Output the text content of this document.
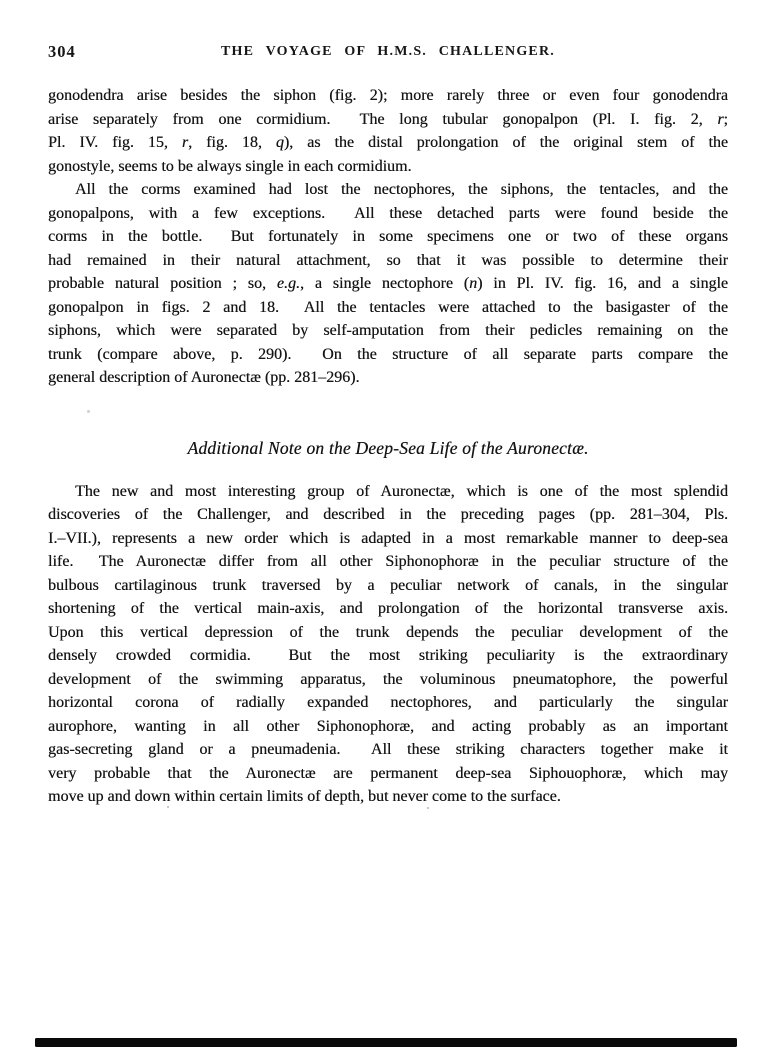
304	THE VOYAGE OF H.M.S. CHALLENGER.
gonodendra arise besides the siphon (fig. 2); more rarely three or even four gonodendra
arise separately from one cormidium.  The long tubular gonopalpon (Pl. I. fig. 2, r;
Pl. IV. fig. 15, r, fig. 18, q), as the distal prolongation of the original stem of the
gonostyle, seems to be always single in each cormidium.
All the corms examined had lost the nectophores, the siphons, the tentacles, and the
gonopalpons, with a few exceptions.  All these detached parts were found beside the
corms in the bottle.  But fortunately in some specimens one or two of these organs
had remained in their natural attachment, so that it was possible to determine their
probable natural position ; so, e.g., a single nectophore (n) in Pl. IV. fig. 16, and a single
gonopalpon in figs. 2 and 18.  All the tentacles were attached to the basigaster of the
siphons, which were separated by self-amputation from their pedicles remaining on the
trunk (compare above, p. 290).  On the structure of all separate parts compare the
general description of Auronectæ (pp. 281–296).
Additional Note on the Deep-Sea Life of the Auronectæ.
The new and most interesting group of Auronectæ, which is one of the most splendid
discoveries of the Challenger, and described in the preceding pages (pp. 281–304, Pls.
I.–VII.), represents a new order which is adapted in a most remarkable manner to deep-sea
life.  The Auronectæ differ from all other Siphonophoræ in the peculiar structure of the
bulbous cartilaginous trunk traversed by a peculiar network of canals, in the singular
shortening of the vertical main-axis, and prolongation of the horizontal transverse axis.
Upon this vertical depression of the trunk depends the peculiar development of the
densely crowded cormidia.  But the most striking peculiarity is the extraordinary
development of the swimming apparatus, the voluminous pneumatophore, the powerful
horizontal corona of radially expanded nectophores, and particularly the singular
aurophore, wanting in all other Siphonophoræ, and acting probably as an important
gas-secreting gland or a pneumadenia.  All these striking characters together make it
very probable that the Auronectæ are permanent deep-sea Siphouophoræ, which may
move up and down within certain limits of depth, but never come to the surface.
